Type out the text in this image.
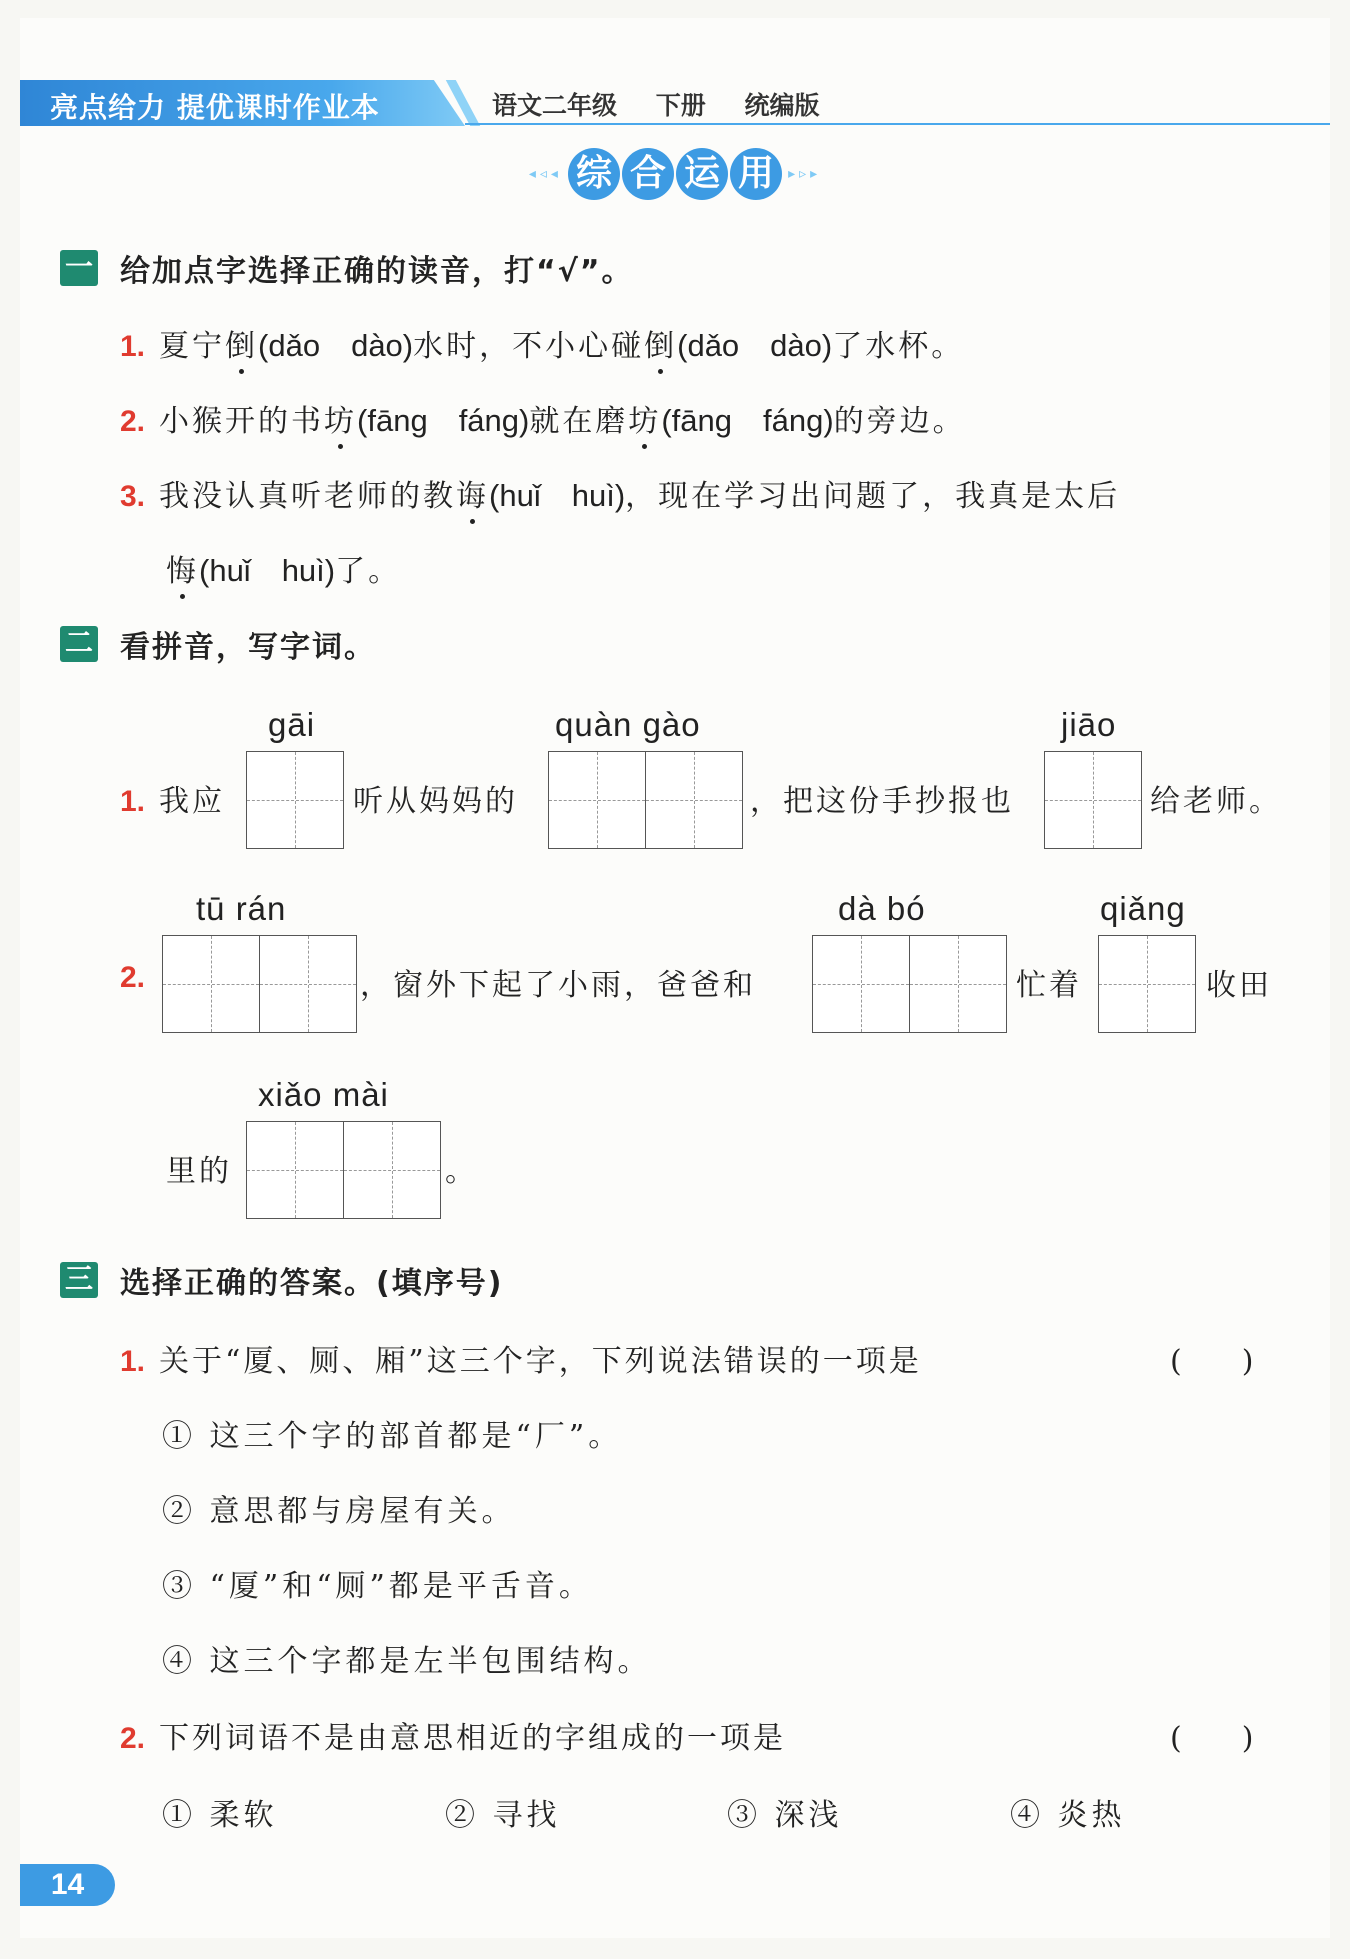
亮点给力 提优课时作业本	语文二年级 下册 统编版
◂◃◂ 综 合 运 用 ▸▹▸
一 给加点字选择正确的读音，打“√”。
1. 夏宁倒(dǎo　dào)水时，不小心碰倒(dǎo　dào)了水杯。
2. 小猴开的书坊(fāng　fáng)就在磨坊(fāng　fáng)的旁边。
3. 我没认真听老师的教诲(huǐ　huì)，现在学习出问题了，我真是太后
悔(huǐ　huì)了。
二 看拼音，写字词。
gāi	quàn gào	jiāo
1. 我应	听从妈妈的	，把这份手抄报也	给老师。
tū rán	dà bó	qiǎng
2.	，窗外下起了小雨，爸爸和	忙着	收田
xiǎo mài
里的	。
三 选择正确的答案。(填序号)
1. 关于“厦、厕、厢”这三个字，下列说法错误的一项是	(　　)
① 这三个字的部首都是“厂”。
② 意思都与房屋有关。
③ “厦”和“厕”都是平舌音。
④ 这三个字都是左半包围结构。
2. 下列词语不是由意思相近的字组成的一项是	(　　)
① 柔软	② 寻找	③ 深浅	④ 炎热
14
